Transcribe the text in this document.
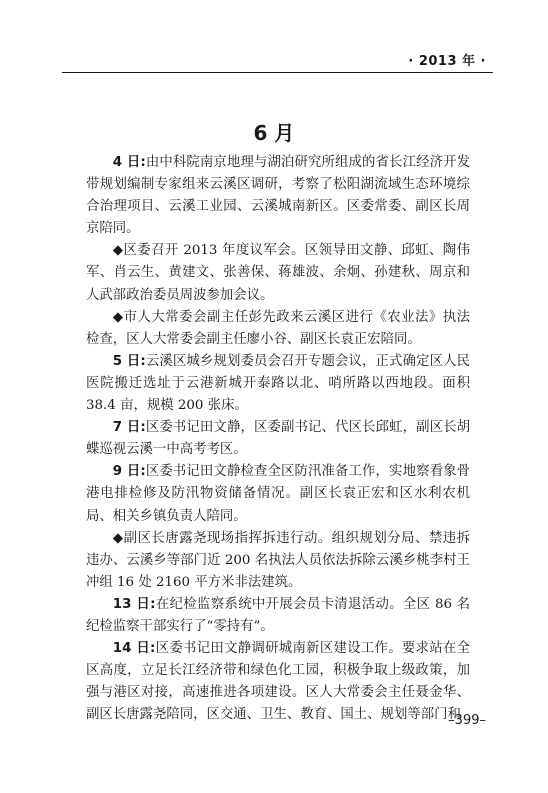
· 2013 年 ·
6 月

4 日:由中科院南京地理与湖泊研究所组成的省长江经济开发带规划编制专家组来云溪区调研，考察了松阳湖流域生态环境综合治理项目、云溪工业园、云溪城南新区。区委常委、副区长周京陪同。

◆区委召开 2013 年度议军会。区领导田文静、邱虹、陶伟军、肖云生、黄建文、张善保、蒋雄波、余炯、孙建秋、周京和人武部政治委员周波参加会议。

◆市人大常委会副主任彭先政来云溪区进行《农业法》执法检查，区人大常委会副主任廖小谷、副区长袁正宏陪同。

5 日:云溪区城乡规划委员会召开专题会议，正式确定区人民医院搬迁选址于云港新城开泰路以北、哨所路以西地段。面积 38.4 亩，规模 200 张床。

7 日:区委书记田文静，区委副书记、代区长邱虹，副区长胡蝶巡视云溪一中高考考区。

9 日:区委书记田文静检查全区防汛准备工作，实地察看象骨港电排检修及防汛物资储备情况。副区长袁正宏和区水利农机局、相关乡镇负责人陪同。

◆副区长唐露尧现场指挥拆违行动。组织规划分局、禁违拆违办、云溪乡等部门近 200 名执法人员依法拆除云溪乡桃李村王冲组 16 处 2160 平方米非法建筑。

13 日:在纪检监察系统中开展会员卡清退活动。全区 86 名纪检监察干部实行了“零持有”。

14 日:区委书记田文静调研城南新区建设工作。要求站在全区高度，立足长江经济带和绿色化工园，积极争取上级政策，加强与港区对接，高速推进各项建设。区人大常委会主任聂金华、副区长唐露尧陪同，区交通、卫生、教育、国土、规划等部门和

–399–
